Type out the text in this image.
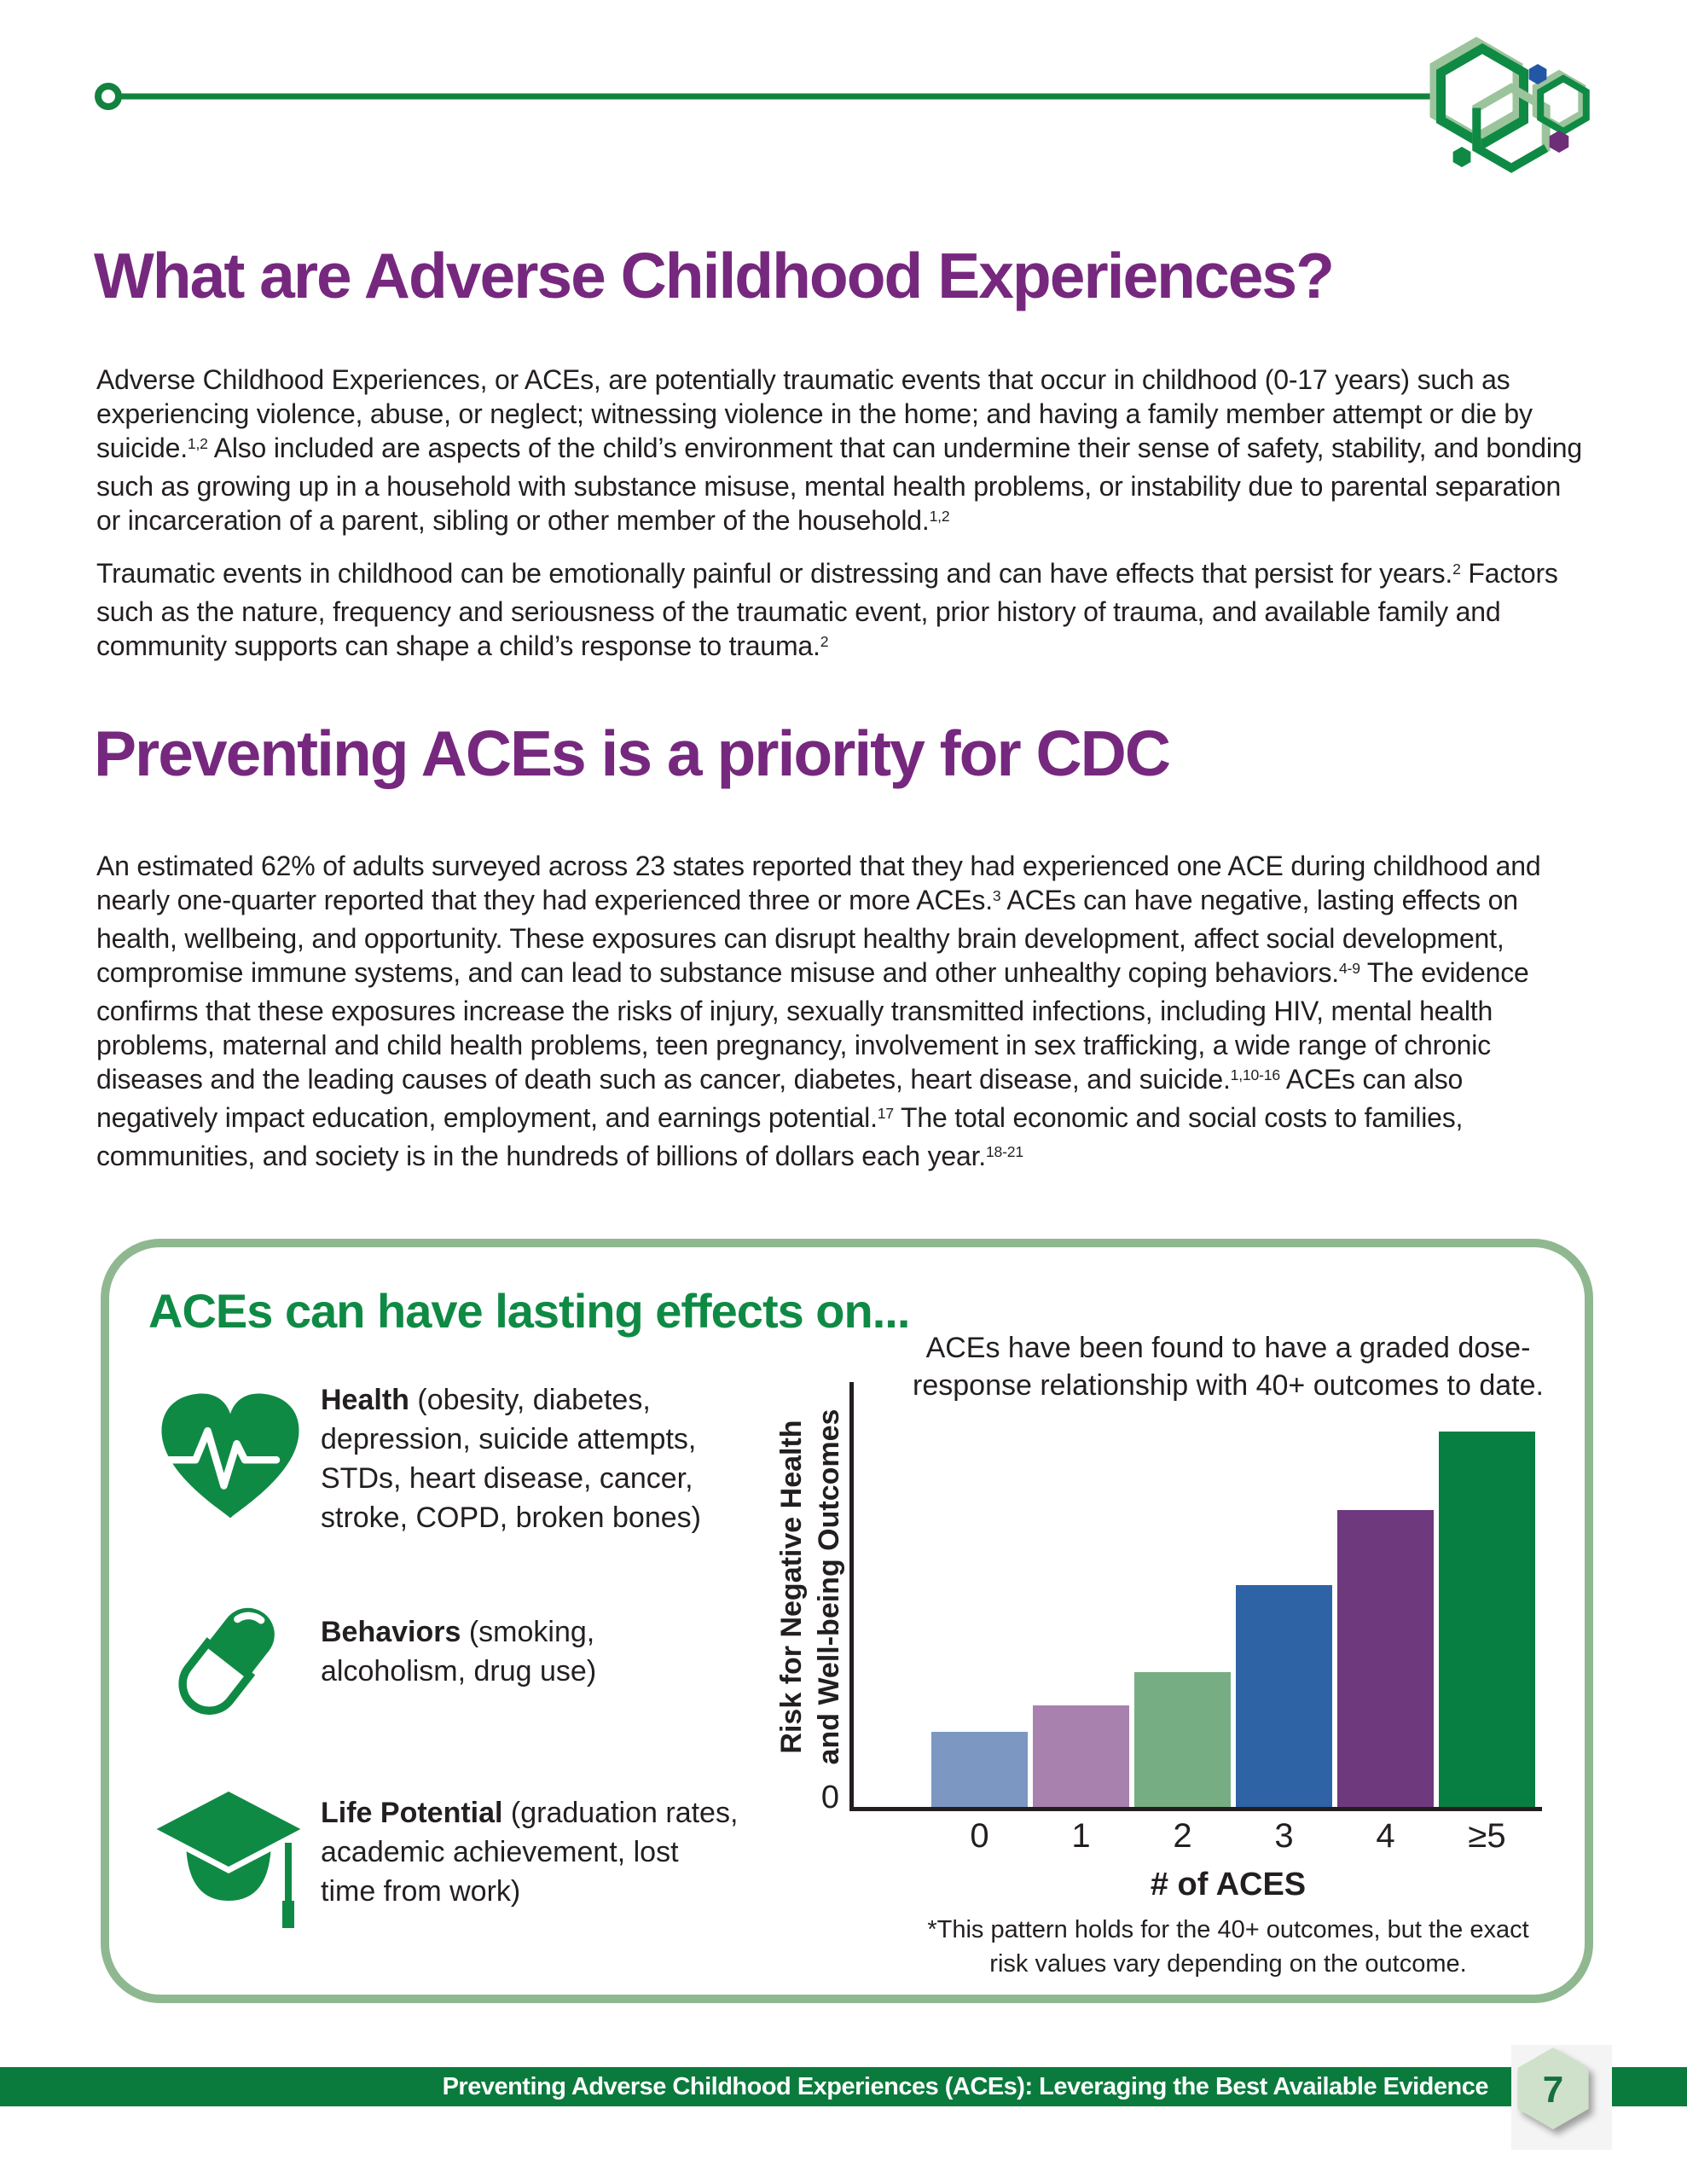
What are Adverse Childhood Experiences?
Adverse Childhood Experiences, or ACEs, are potentially traumatic events that occur in childhood (0-17 years) such as experiencing violence, abuse, or neglect; witnessing violence in the home; and having a family member attempt or die by suicide.$^{1,2}$ Also included are aspects of the child’s environment that can undermine their sense of safety, stability, and bonding such as growing up in a household with substance misuse, mental health problems, or instability due to parental separation or incarceration of a parent, sibling or other member of the household.$^{1,2}$
Traumatic events in childhood can be emotionally painful or distressing and can have effects that persist for years.$^2$ Factors such as the nature, frequency and seriousness of the traumatic event, prior history of trauma, and available family and community supports can shape a child’s response to trauma.$^2$
Preventing ACEs is a priority for CDC
An estimated 62% of adults surveyed across 23 states reported that they had experienced one ACE during childhood and nearly one-quarter reported that they had experienced three or more ACEs.$^3$ ACEs can have negative, lasting effects on health, wellbeing, and opportunity. These exposures can disrupt healthy brain development, affect social development, compromise immune systems, and can lead to substance misuse and other unhealthy coping behaviors.$^{4-9}$ The evidence confirms that these exposures increase the risks of injury, sexually transmitted infections, including HIV, mental health problems, maternal and child health problems, teen pregnancy, involvement in sex trafficking, a wide range of chronic diseases and the leading causes of death such as cancer, diabetes, heart disease, and suicide.$^{1,10-16}$ ACEs can also negatively impact education, employment, and earnings potential.$^{17}$ The total economic and social costs to families, communities, and society is in the hundreds of billions of dollars each year.$^{18-21}$
ACEs can have lasting effects on...
Health (obesity, diabetes,
depression, suicide attempts,
STDs, heart disease, cancer,
stroke, COPD, broken bones)
Behaviors (smoking,
alcoholism, drug use)
Life Potential (graduation rates,
academic achievement, lost
time from work)
ACEs have been found to have a graded dose-
response relationship with 40+ outcomes to date.
Risk for Negative Health and Well-being Outcomes
0
0	1	2	3	4	≥5
# of ACES
*This pattern holds for the 40+ outcomes, but the exact
risk values vary depending on the outcome.
Preventing Adverse Childhood Experiences (ACEs): Leveraging the Best Available Evidence	7
